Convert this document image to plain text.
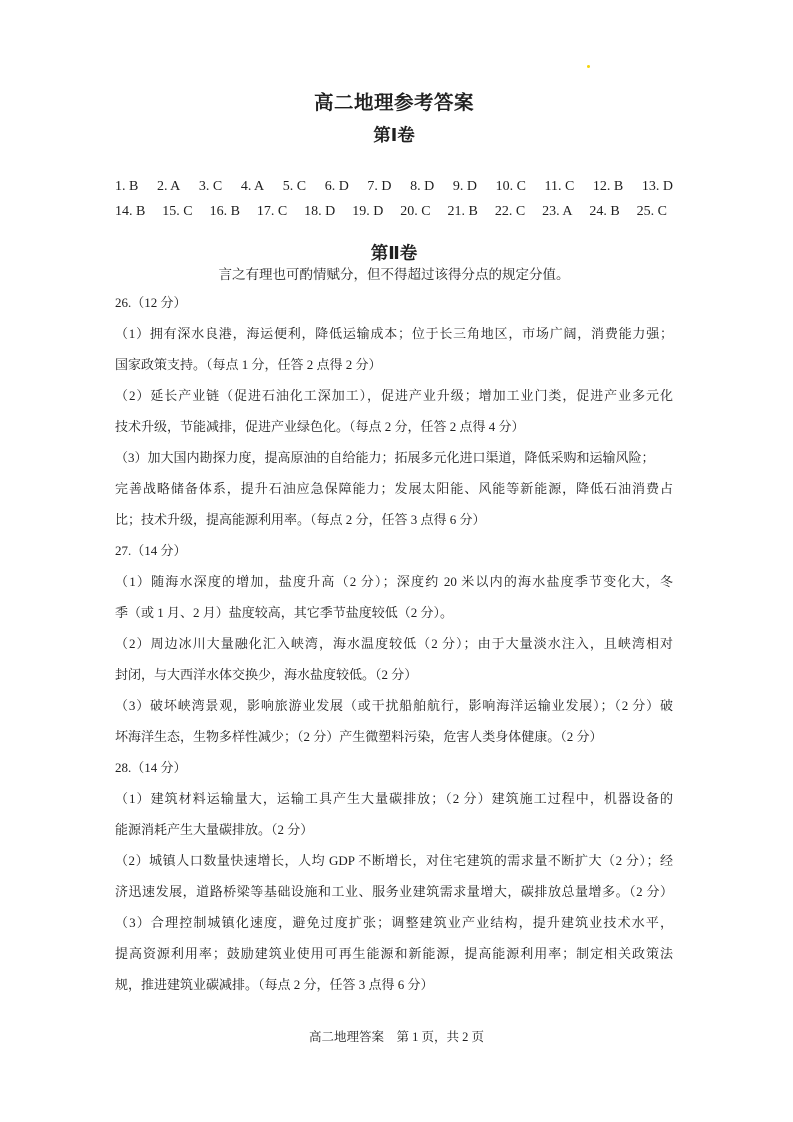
高二地理参考答案
第Ⅰ卷
1. B 2. A 3. C 4. A 5. C 6. D 7. D 8. D 9. D 10. C 11. C 12. B 13. D
14. B 15. C 16. B 17. C 18. D 19. D 20. C 21. B 22. C 23. A 24. B 25. C
第Ⅱ卷
言之有理也可酌情赋分，但不得超过该得分点的规定分值。
26.（12 分）
（1）拥有深水良港，海运便利，降低运输成本；位于长三角地区，市场广阔，消费能力强；
国家政策支持。（每点 1 分，任答 2 点得 2 分）
（2）延长产业链（促进石油化工深加工），促进产业升级；增加工业门类，促进产业多元化
技术升级，节能减排，促进产业绿色化。（每点 2 分，任答 2 点得 4 分）
（3）加大国内勘探力度，提高原油的自给能力；拓展多元化进口渠道，降低采购和运输风险；
完善战略储备体系，提升石油应急保障能力；发展太阳能、风能等新能源，降低石油消费占
比；技术升级，提高能源利用率。（每点 2 分，任答 3 点得 6 分）
27.（14 分）
（1）随海水深度的增加，盐度升高（2 分）；深度约 20 米以内的海水盐度季节变化大，冬
季（或 1 月、2 月）盐度较高，其它季节盐度较低（2 分）。
（2）周边冰川大量融化汇入峡湾，海水温度较低（2 分）；由于大量淡水注入，且峡湾相对
封闭，与大西洋水体交换少，海水盐度较低。（2 分）
（3）破坏峡湾景观，影响旅游业发展（或干扰船舶航行，影响海洋运输业发展）；（2 分）破
坏海洋生态，生物多样性减少；（2 分）产生微塑料污染，危害人类身体健康。（2 分）
28.（14 分）
（1）建筑材料运输量大，运输工具产生大量碳排放；（2 分）建筑施工过程中，机器设备的
能源消耗产生大量碳排放。（2 分）
（2）城镇人口数量快速增长，人均 GDP 不断增长，对住宅建筑的需求量不断扩大（2 分）；经
济迅速发展，道路桥梁等基础设施和工业、服务业建筑需求量增大，碳排放总量增多。（2 分）
（3）合理控制城镇化速度，避免过度扩张；调整建筑业产业结构，提升建筑业技术水平，
提高资源利用率；鼓励建筑业使用可再生能源和新能源，提高能源利用率；制定相关政策法
规，推进建筑业碳减排。（每点 2 分，任答 3 点得 6 分）
高二地理答案　第 1 页，共 2 页
